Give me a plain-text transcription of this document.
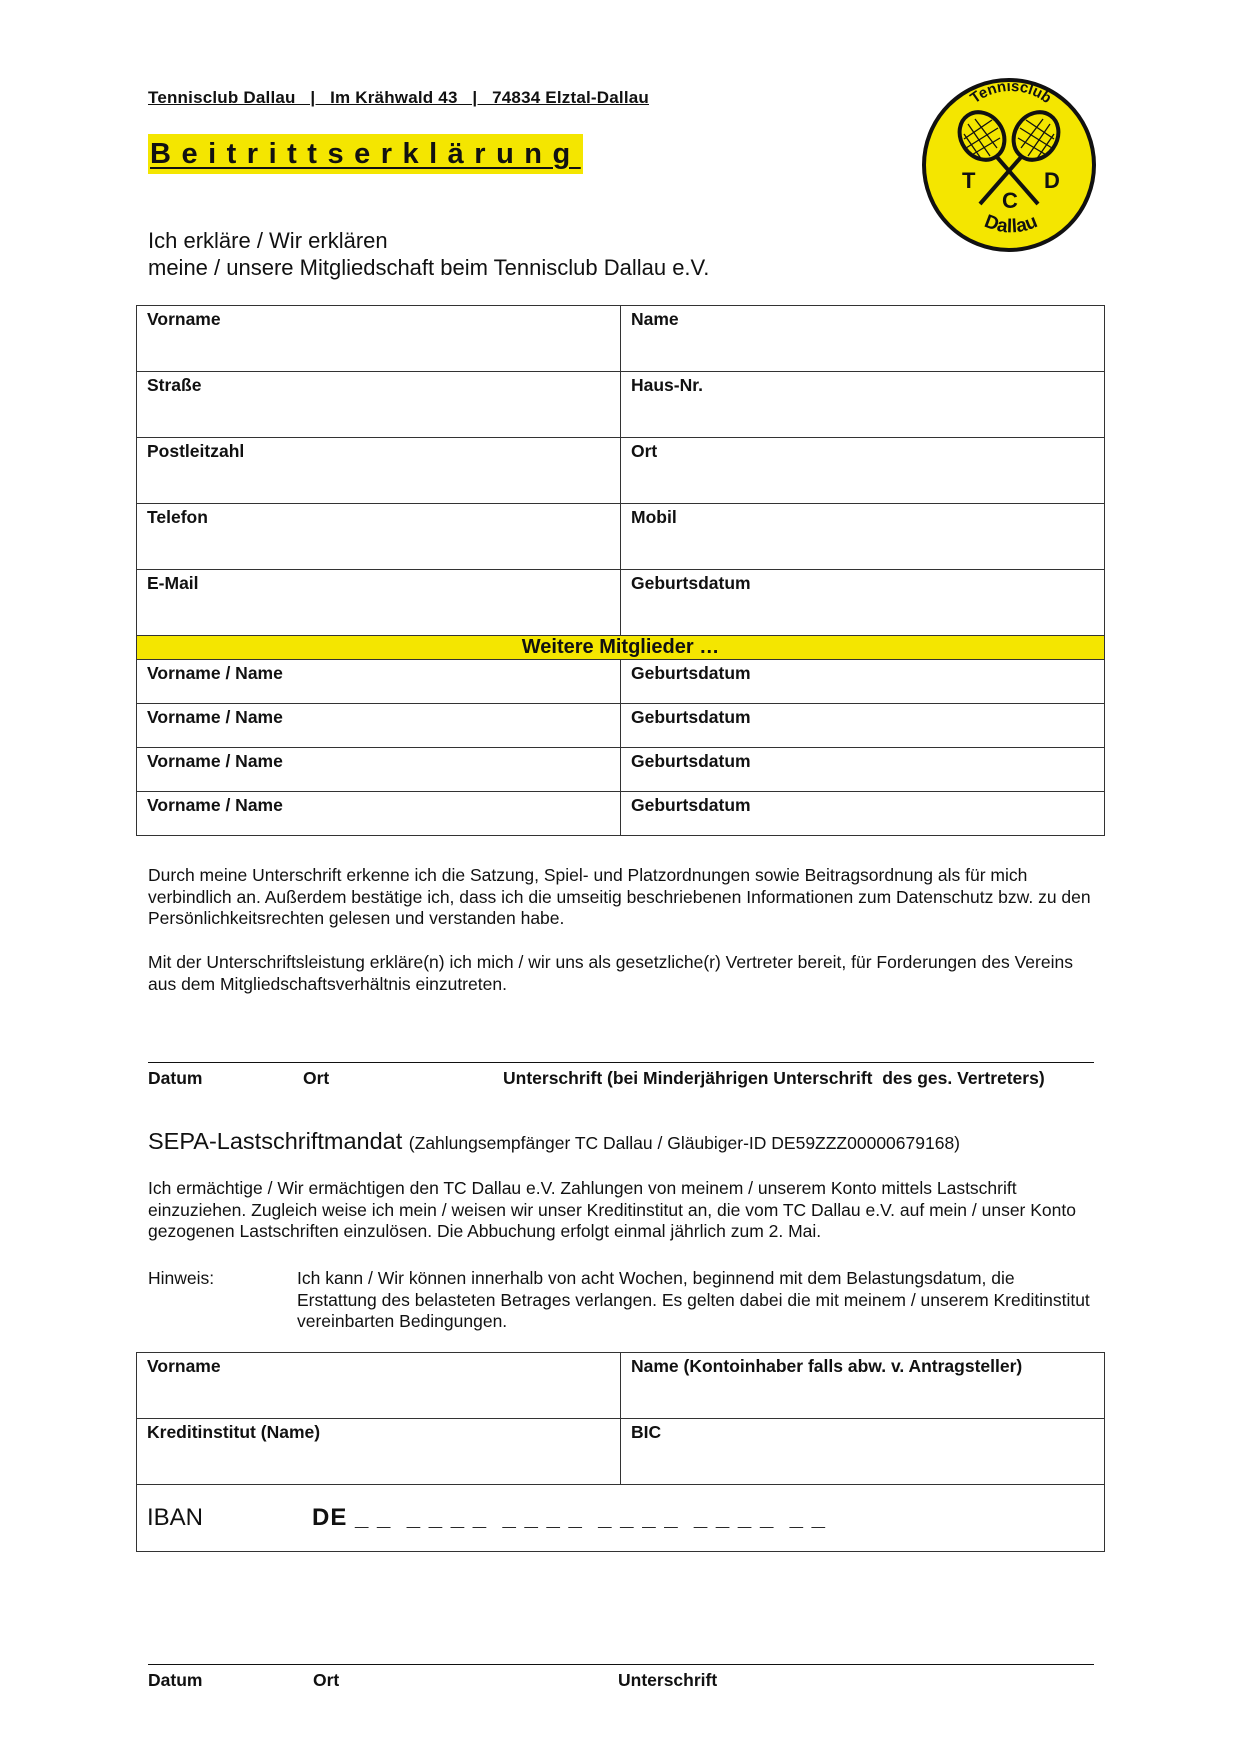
Tennisclub Dallau   |   Im Krähwald 43   |   74834 Elztal-Dallau
Beitrittserklärung
Tennisclub
T	D
C
Dallau
Ich erkläre / Wir erklären
meine / unsere Mitgliedschaft beim Tennisclub Dallau e.V.
Vorname	Name
Straße	Haus-Nr.
Postleitzahl	Ort
Telefon	Mobil
E-Mail	Geburtsdatum
Weitere Mitglieder …	
Vorname / Name	Geburtsdatum
Vorname / Name	Geburtsdatum
Vorname / Name	Geburtsdatum
Vorname / Name	Geburtsdatum
Durch meine Unterschrift erkenne ich die Satzung, Spiel- und Platzordnungen sowie Beitragsordnung als für mich verbindlich an. Außerdem bestätige ich, dass ich die umseitig beschriebenen Informationen zum Datenschutz bzw. zu den Persönlichkeitsrechten gelesen und verstanden habe.
Mit der Unterschriftsleistung erkläre(n) ich mich / wir uns als gesetzliche(r) Vertreter bereit, für Forderungen des Vereins aus dem Mitgliedschaftsverhältnis einzutreten.
Datum	Ort	Unterschrift (bei Minderjährigen Unterschrift  des ges. Vertreters)
SEPA-Lastschriftmandat (Zahlungsempfänger TC Dallau / Gläubiger-ID DE59ZZZ00000679168)
Ich ermächtige / Wir ermächtigen den TC Dallau e.V. Zahlungen von meinem / unserem Konto mittels Lastschrift einzuziehen. Zugleich weise ich mein / weisen wir unser Kreditinstitut an, die vom TC Dallau e.V. auf mein / unser Konto gezogenen Lastschriften einzulösen. Die Abbuchung erfolgt einmal jährlich zum 2. Mai.
Hinweis:	Ich kann / Wir können innerhalb von acht Wochen, beginnend mit dem Belastungsdatum, die Erstattung des belasteten Betrages verlangen. Es gelten dabei die mit meinem / unserem Kreditinstitut vereinbarten Bedingungen.
Vorname	Name (Kontoinhaber falls abw. v. Antragsteller)
Kreditinstitut (Name)	BIC
IBAN DE _ _  _ _ _ _  _ _ _ _  _ _ _ _  _ _ _ _  _ _	
Datum	Ort	Unterschrift
